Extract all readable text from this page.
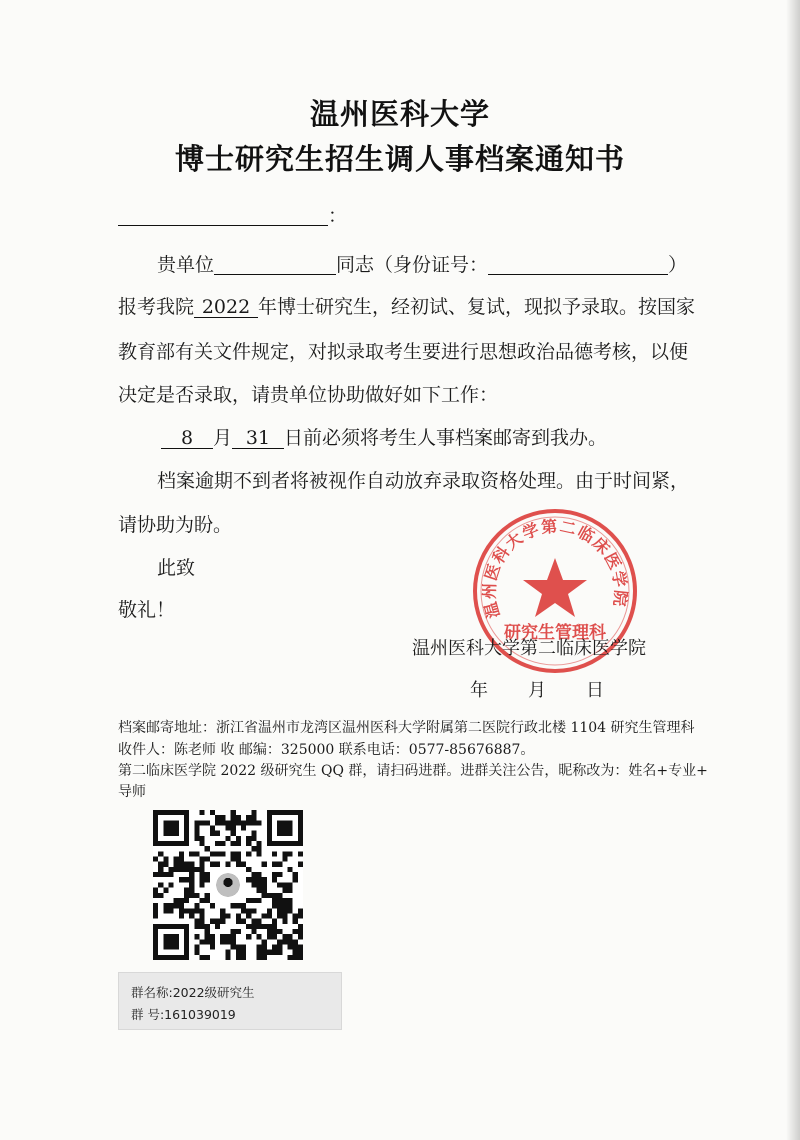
温州医科大学
博士研究生招生调人事档案通知书
：
贵单位	同志（身份证号：	）
报考我院 2022 年博士研究生，经初试、复试，现拟予录取。按国家
教育部有关文件规定，对拟录取考生要进行思想政治品德考核，以便
决定是否录取，请贵单位协助做好如下工作：
8 月 31 日前必须将考生人事档案邮寄到我办。
档案逾期不到者将被视作自动放弃录取资格处理。由于时间紧，
请协助为盼。
此致
敬礼！	温州医科大学第二临床医学院
研究生管理科
温州医科大学第二临床医学院
年 月 日
档案邮寄地址：浙江省温州市龙湾区温州医科大学附属第二医院行政北楼 1104 研究生管理科
收件人：陈老师 收 邮编：325000 联系电话：0577-85676887。
第二临床医学院 2022 级研究生 QQ 群，请扫码进群。进群关注公告，昵称改为：姓名+专业+
导师
群名称:2022级研究生
群 号:161039019
